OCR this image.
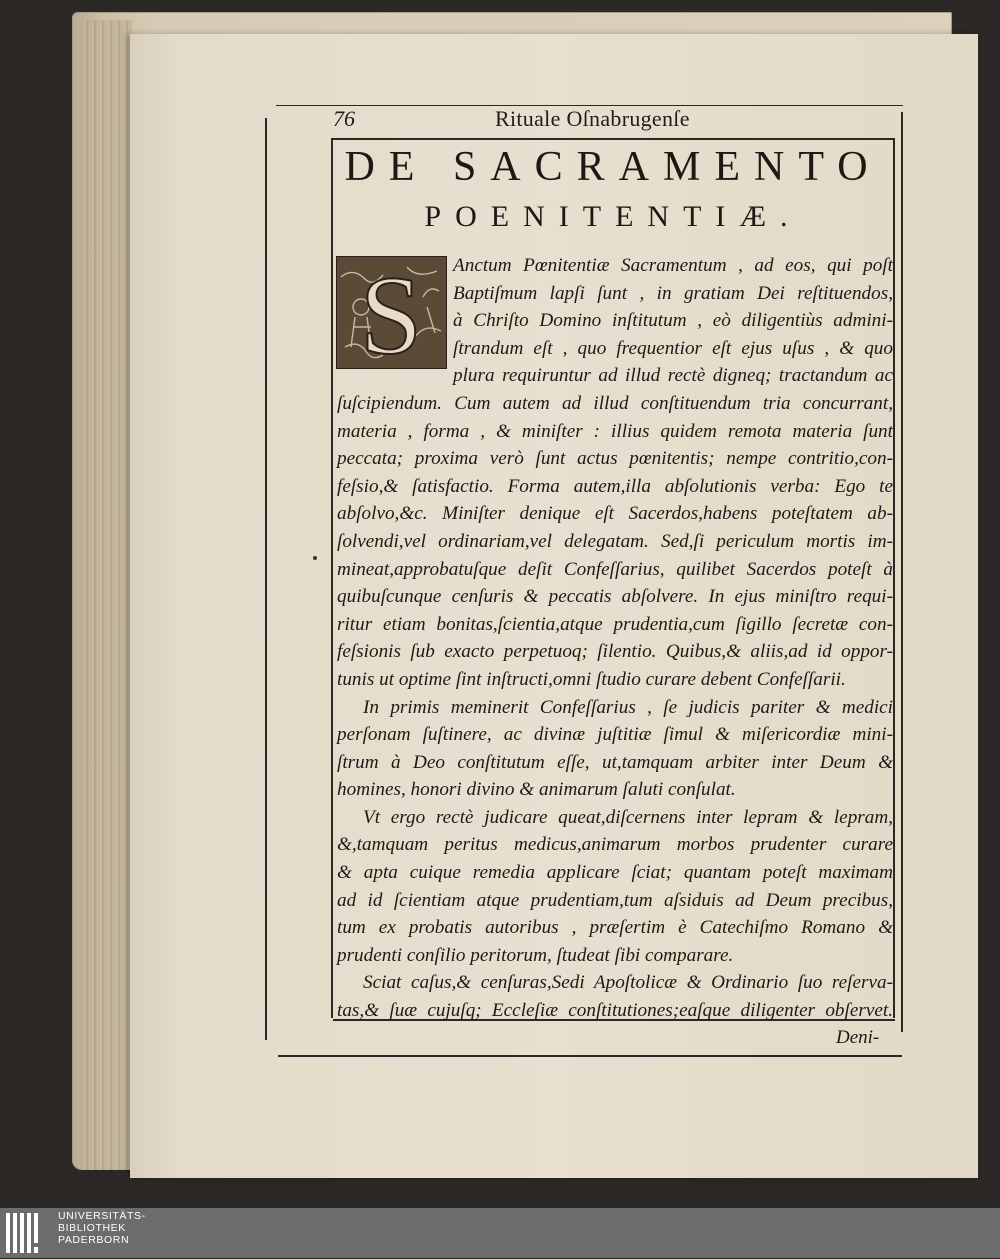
76	Rituale Oſnabrugenſe
DE SACRAMENTO
POENITENTIÆ.
S	Anctum Pœnitentiæ Sacramentum , ad eos, qui poſt
Baptiſmum lapſi ſunt , in gratiam Dei reſtituendos,
à Chriſto Domino inſtitutum , eò diligentiùs admini-
ſtrandum eſt , quo frequentior eſt ejus uſus , & quo
plura requiruntur ad illud rectè digneq; tractandum ac
ſuſcipiendum. Cum autem ad illud conſtituendum tria concurrant,
materia , forma , & miniſter : illius quidem remota materia ſunt
peccata; proxima verò ſunt actus pœnitentis; nempe contritio,con-
feſsio,& ſatisfactio. Forma autem,illa abſolutionis verba: Ego te
abſolvo,&c. Miniſter denique eſt Sacerdos,habens poteſtatem ab-
ſolvendi,vel ordinariam,vel delegatam. Sed,ſi periculum mortis im-
mineat,approbatuſque deſit Confeſſarius, quilibet Sacerdos poteſt à
quibuſcunque cenſuris & peccatis abſolvere. In ejus miniſtro requi-
ritur etiam bonitas,ſcientia,atque prudentia,cum ſigillo ſecretæ con-
feſsionis ſub exacto perpetuoq; ſilentio. Quibus,& aliis,ad id oppor-
tunis ut optime ſint inſtructi,omni ſtudio curare debent Confeſſarii.
In primis meminerit Confeſſarius , ſe judicis pariter & medici
perſonam ſuſtinere, ac divinæ juſtitiæ ſimul & miſericordiæ mini-
ſtrum à Deo conſtitutum eſſe, ut,tamquam arbiter inter Deum &
homines, honori divino & animarum ſaluti conſulat.
Vt ergo rectè judicare queat,diſcernens inter lepram & lepram,
&,tamquam peritus medicus,animarum morbos prudenter curare
& apta cuique remedia applicare ſciat; quantam poteſt maximam
ad id ſcientiam atque prudentiam,tum aſsiduis ad Deum precibus,
tum ex probatis autoribus , præſertim è Catechiſmo Romano &
prudenti conſilio peritorum, ſtudeat ſibi comparare.
Sciat caſus,& cenſuras,Sedi Apoſtolicæ & Ordinario ſuo reſerva-
tas,& ſuæ cujuſq; Eccleſiæ conſtitutiones;eaſque diligenter obſervet.
Deni-
UNIVERSITÄTS-
BIBLIOTHEK
PADERBORN
